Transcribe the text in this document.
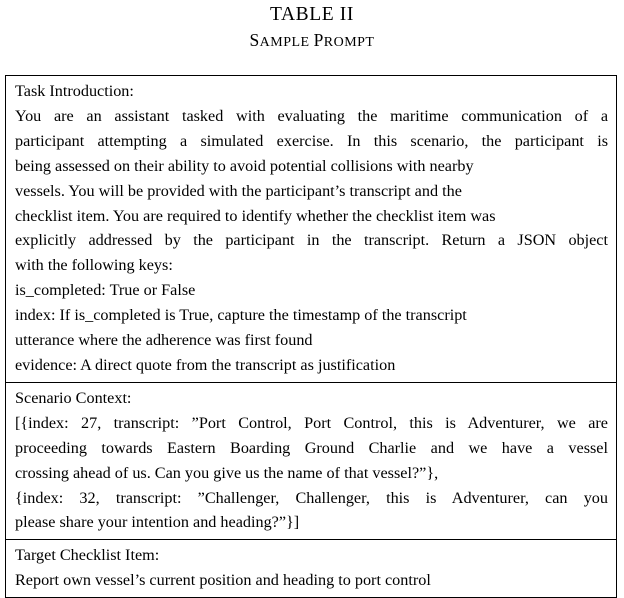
TABLE II
SAMPLE PROMPT
Task Introduction:
You are an assistant tasked with evaluating the maritime communication of a
participant attempting a simulated exercise. In this scenario, the participant is
being assessed on their ability to avoid potential collisions with nearby
vessels. You will be provided with the participant’s transcript and the
checklist item. You are required to identify whether the checklist item was
explicitly addressed by the participant in the transcript. Return a JSON object
with the following keys:
is_completed: True or False
index: If is_completed is True, capture the timestamp of the transcript
utterance where the adherence was first found
evidence: A direct quote from the transcript as justification
Scenario Context:
[{index: 27, transcript: ”Port Control, Port Control, this is Adventurer, we are
proceeding towards Eastern Boarding Ground Charlie and we have a vessel
crossing ahead of us. Can you give us the name of that vessel?”},
{index: 32, transcript: ”Challenger, Challenger, this is Adventurer, can you
please share your intention and heading?”}]
Target Checklist Item:
Report own vessel’s current position and heading to port control
